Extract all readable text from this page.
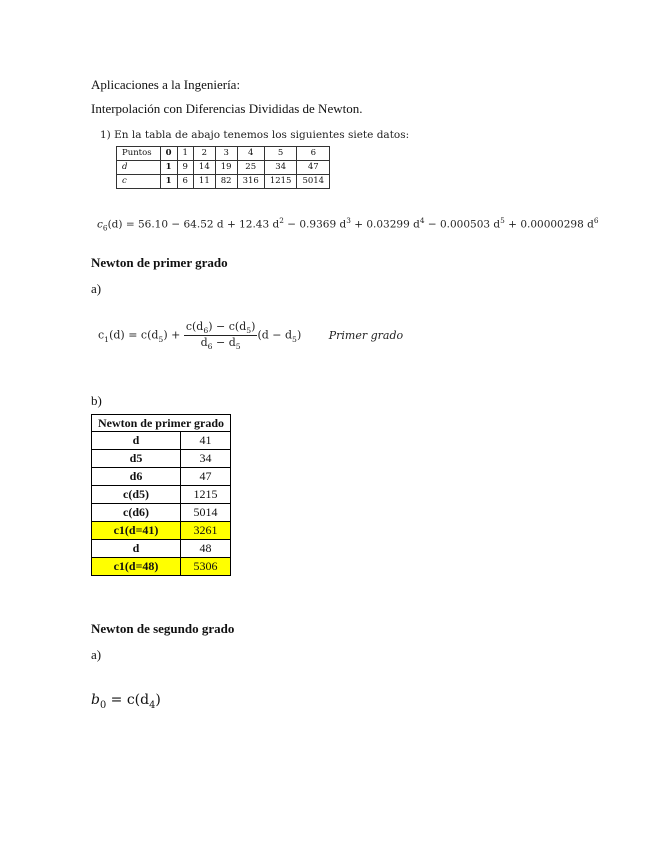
Aplicaciones a la Ingeniería:
Interpolación con Diferencias Divididas de Newton.
1) En la tabla de abajo tenemos los siguientes siete datos:
Puntos	0	1	2	3	4	5	6
d	1	9	14	19	25	34	47
c	1	6	11	82	316	1215	5014
$c_6(d) = 56.10 - 64.52$ d + 12.43 $d^2 - 0.9369$ $d^3 + 0.03299$ $d^4 - 0.000503$ $d^5 + 0.00000298$ $d^6$
Newton de primer grado
a)
$c_1(d) = c(d_5) + \frac{c(d_6) - c(d_5)}{d_6 - d_5} (d - d_5)$	Primer grado
b)
Newton de primer grado	
d	41
d5	34
d6	47
c(d5)	1215
c(d6)	5014
c1(d=41)	3261
d	48
c1(d=48)	5306
Newton de segundo grado
a)
$b_0 = c(d_4)$
